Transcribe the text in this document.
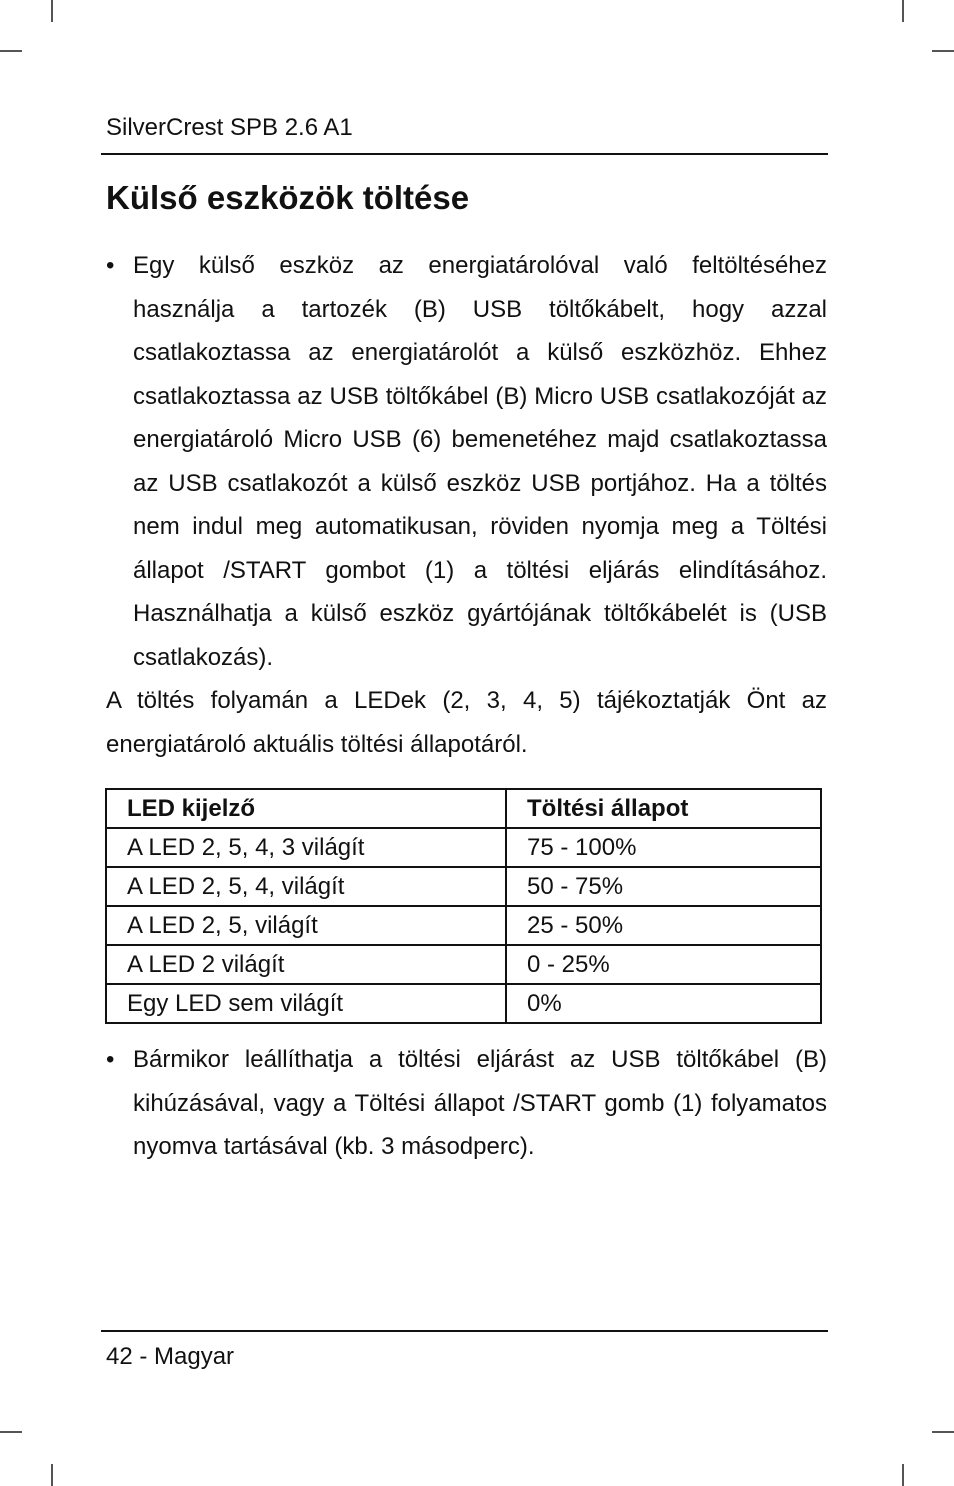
SilverCrest SPB 2.6 A1
Külső eszközök töltése
• Egy külső eszköz az energiatárolóval való feltöltéséhez használja a tartozék (B) USB töltőkábelt, hogy azzal csatlakoztassa az energiatárolót a külső eszközhöz. Ehhez csatlakoztassa az USB töltőkábel (B) Micro USB csatlakozóját az energiatároló Micro USB (6) bemenetéhez majd csatlakoztassa az USB csatlakozót a külső eszköz USB portjához. Ha a töltés nem indul meg automatikusan, röviden nyomja meg a Töltési állapot /START gombot (1) a töltési eljárás elindításához. Használhatja a külső eszköz gyártójának töltőkábelét is (USB csatlakozás).
A töltés folyamán a LEDek (2, 3, 4, 5) tájékoztatják Önt az energiatároló aktuális töltési állapotáról.
LED kijelző	Töltési állapot
A LED 2, 5, 4, 3 világít	75 - 100%
A LED 2, 5, 4, világít	50 - 75%
A LED 2, 5, világít	25 - 50%
A LED 2 világít	0 - 25%
Egy LED sem világít	0%
• Bármikor leállíthatja a töltési eljárást az USB töltőkábel (B) kihúzásával, vagy a Töltési állapot /START gomb (1) folyamatos nyomva tartásával (kb. 3 másodperc).
42 - Magyar
